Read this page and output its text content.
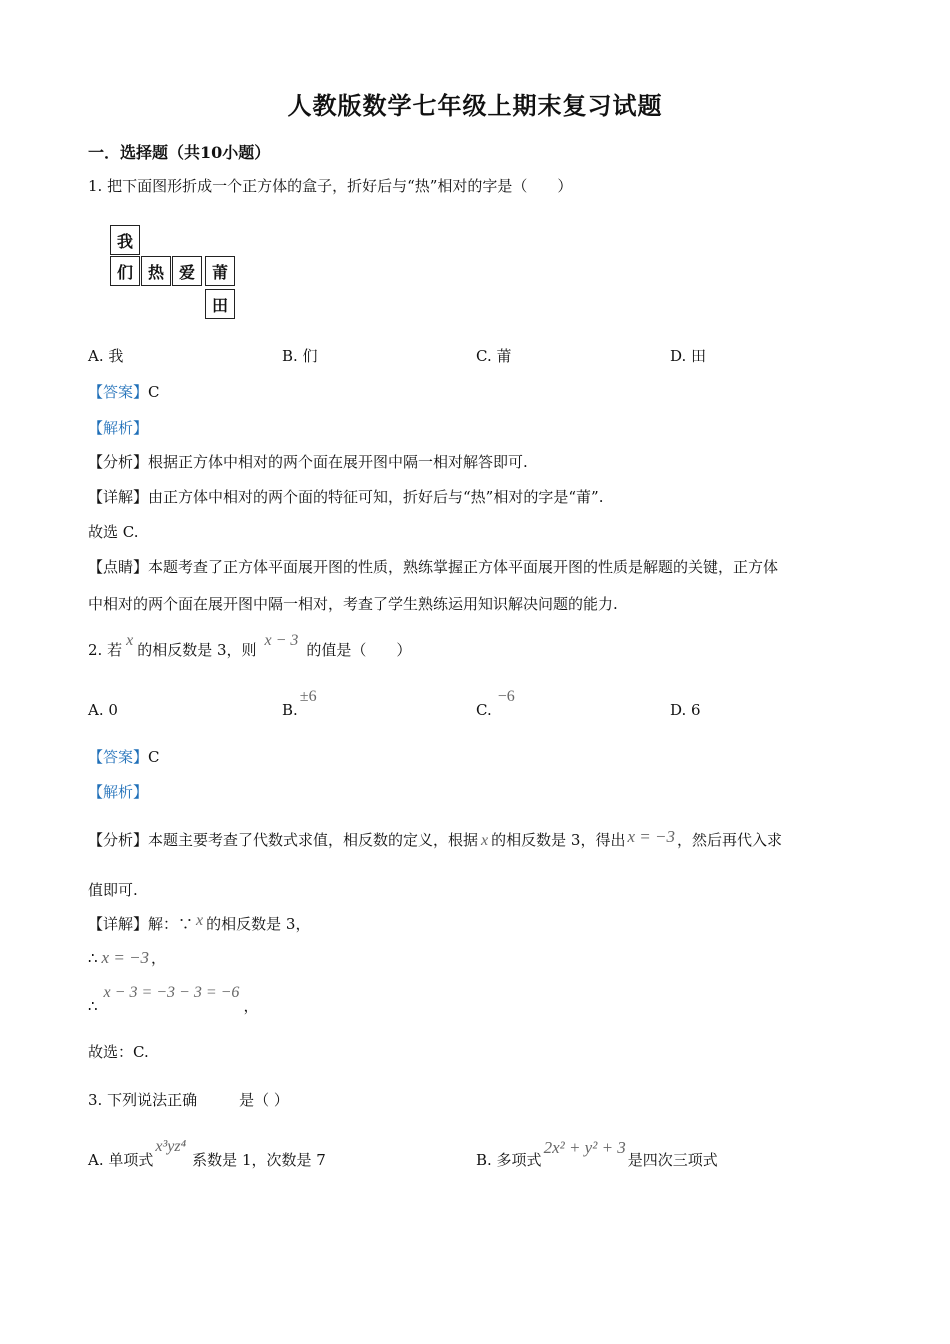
人教版数学七年级上期末复习试题
一．选择题（共10小题）
1. 把下面图形折成一个正方体的盒子，折好后与“热”相对的字是（　　）
我
们 热 爱	莆
田
A. 我	B. 们	C. 莆	D. 田
【答案】C
【解析】
【分析】根据正方体中相对的两个面在展开图中隔一相对解答即可.
【详解】由正方体中相对的两个面的特征可知，折好后与“热”相对的字是“莆”.
故选 C.
【点睛】本题考查了正方体平面展开图的性质，熟练掌握正方体平面展开图的性质是解题的关键，正方体
中相对的两个面在展开图中隔一相对，考查了学生熟练运用知识解决问题的能力.
2. 若x的相反数是 3，则x − 3的值是（　　）
A. 0	B.±6
C.−6
D. 6
【答案】C
【解析】
【分析】本题主要考查了代数式求值，相反数的定义，根据 x 的相反数是 3，得出 x = −3 ，然后再代入求
值即可.
【详解】解：∵ x 的相反数是 3，
∴ x = −3 ，
∴x − 3 = −3 − 3 = −6，
故选：C.
3. 下列说法正确	是（ ）
A. 单项式x³yz⁴系数是 1，次数是 7	B. 多项式2x² + y² + 3是四次三项式
